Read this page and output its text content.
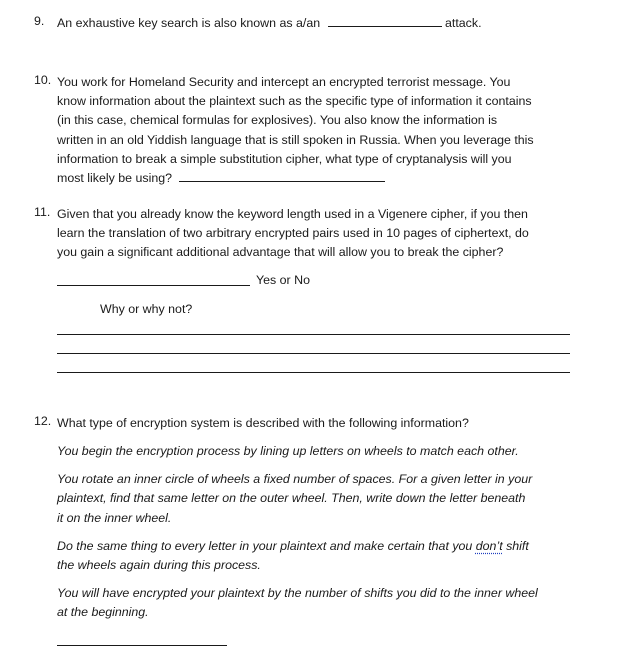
9. An exhaustive key search is also known as a/an	attack.
10. You work for Homeland Security and intercept an encrypted terrorist message. You
know information about the plaintext such as the specific type of information it contains
(in this case, chemical formulas for explosives). You also know the information is
written in an old Yiddish language that is still spoken in Russia. When you leverage this
information to break a simple substitution cipher, what type of cryptanalysis will you
most likely be using?
11. Given that you already know the keyword length used in a Vigenere cipher, if you then
learn the translation of two arbitrary encrypted pairs used in 10 pages of ciphertext, do
you gain a significant additional advantage that will allow you to break the cipher?
Yes or No
Why or why not?
12. What type of encryption system is described with the following information?
You begin the encryption process by lining up letters on wheels to match each other.
You rotate an inner circle of wheels a fixed number of spaces. For a given letter in your
plaintext, find that same letter on the outer wheel. Then, write down the letter beneath
it on the inner wheel.
Do the same thing to every letter in your plaintext and make certain that you don’t shift
the wheels again during this process.
You will have encrypted your plaintext by the number of shifts you did to the inner wheel
at the beginning.
